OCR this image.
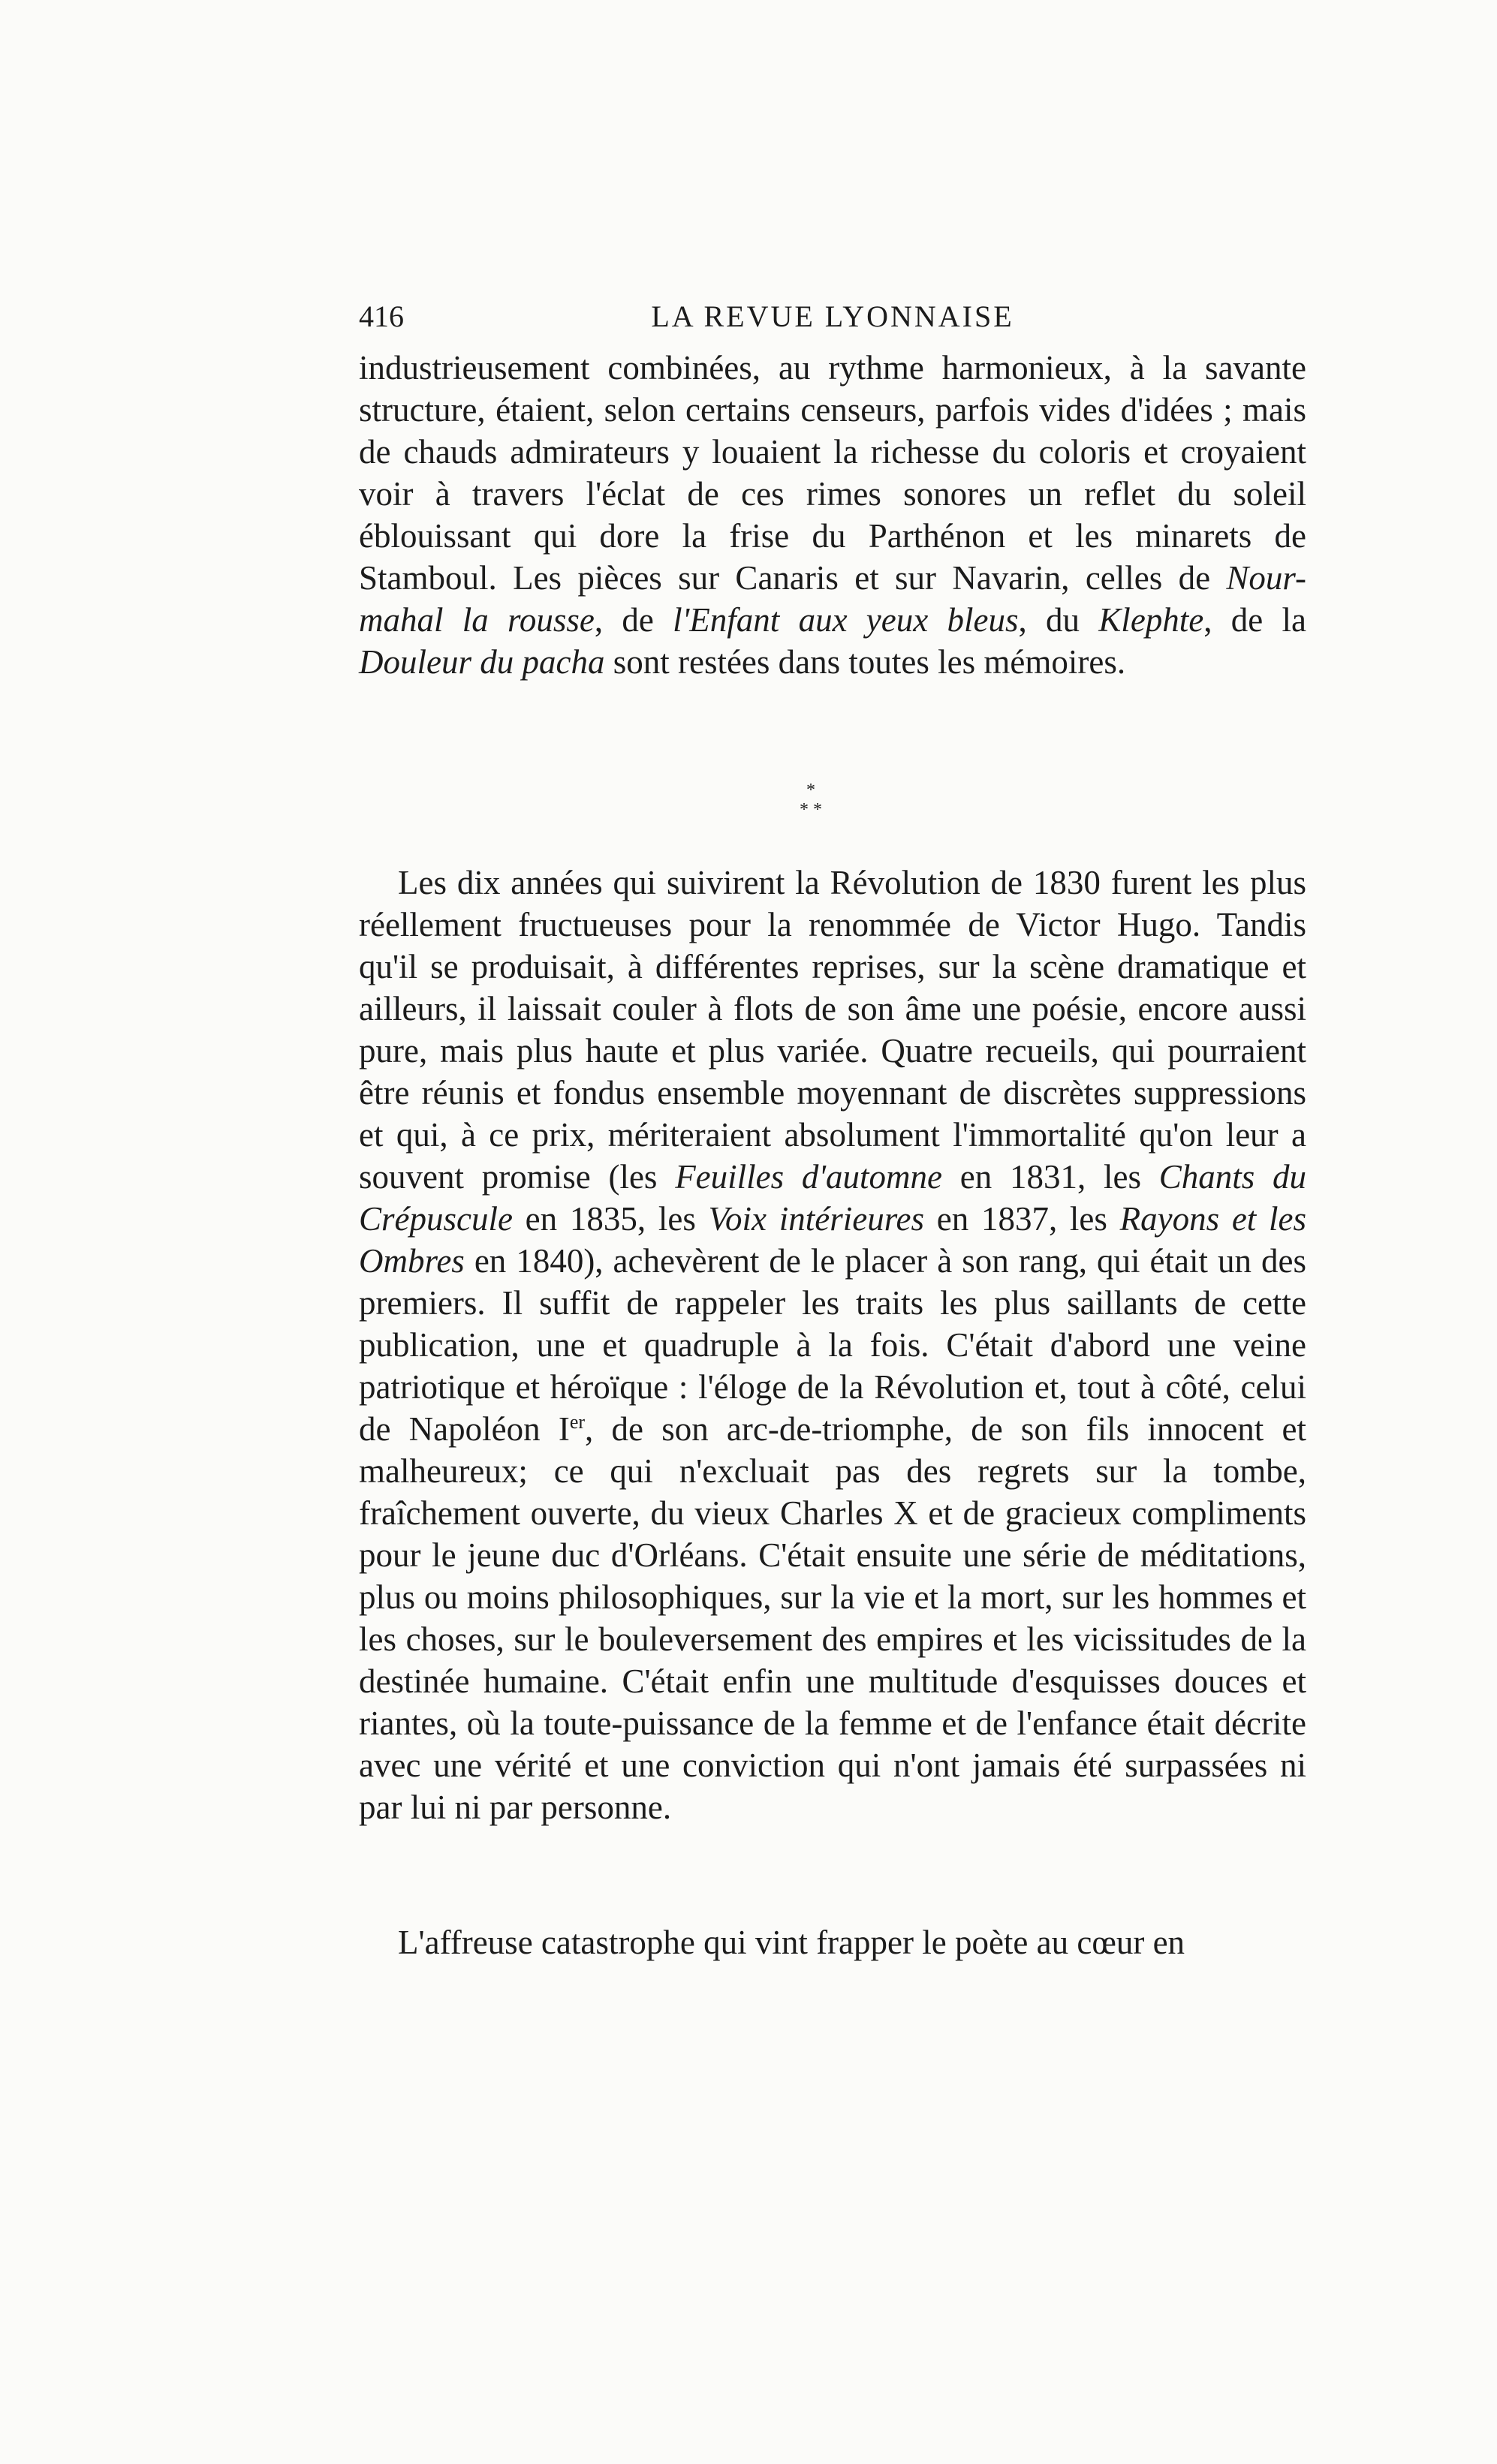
416	LA REVUE LYONNAISE

industrieusement combinées, au rythme harmonieux, à la savante structure, étaient, selon certains censeurs, parfois vides d'idées ; mais de chauds admirateurs y louaient la richesse du coloris et croyaient voir à travers l'éclat de ces rimes sonores un reflet du soleil éblouissant qui dore la frise du Parthénon et les minarets de Stamboul. Les pièces sur Canaris et sur Navarin, celles de Nour-mahal la rousse, de l'Enfant aux yeux bleus, du Klephte, de la Douleur du pacha sont restées dans toutes les mémoires.

*
* *

Les dix années qui suivirent la Révolution de 1830 furent les plus réellement fructueuses pour la renommée de Victor Hugo. Tandis qu'il se produisait, à différentes reprises, sur la scène dramatique et ailleurs, il laissait couler à flots de son âme une poésie, encore aussi pure, mais plus haute et plus variée. Quatre recueils, qui pourraient être réunis et fondus ensemble moyennant de discrètes suppressions et qui, à ce prix, mériteraient absolument l'immortalité qu'on leur a souvent promise (les Feuilles d'automne en 1831, les Chants du Crépuscule en 1835, les Voix intérieures en 1837, les Rayons et les Ombres en 1840), achevèrent de le placer à son rang, qui était un des premiers. Il suffit de rappeler les traits les plus saillants de cette publication, une et quadruple à la fois. C'était d'abord une veine patriotique et héroïque : l'éloge de la Révolution et, tout à côté, celui de Napoléon Ier, de son arc-de-triomphe, de son fils innocent et malheureux; ce qui n'excluait pas des regrets sur la tombe, fraîchement ouverte, du vieux Charles X et de gracieux compliments pour le jeune duc d'Orléans. C'était ensuite une série de méditations, plus ou moins philosophiques, sur la vie et la mort, sur les hommes et les choses, sur le bouleversement des empires et les vicissitudes de la destinée humaine. C'était enfin une multitude d'esquisses douces et riantes, où la toute-puissance de la femme et de l'enfance était décrite avec une vérité et une conviction qui n'ont jamais été surpassées ni par lui ni par personne.

L'affreuse catastrophe qui vint frapper le poète au cœur en
